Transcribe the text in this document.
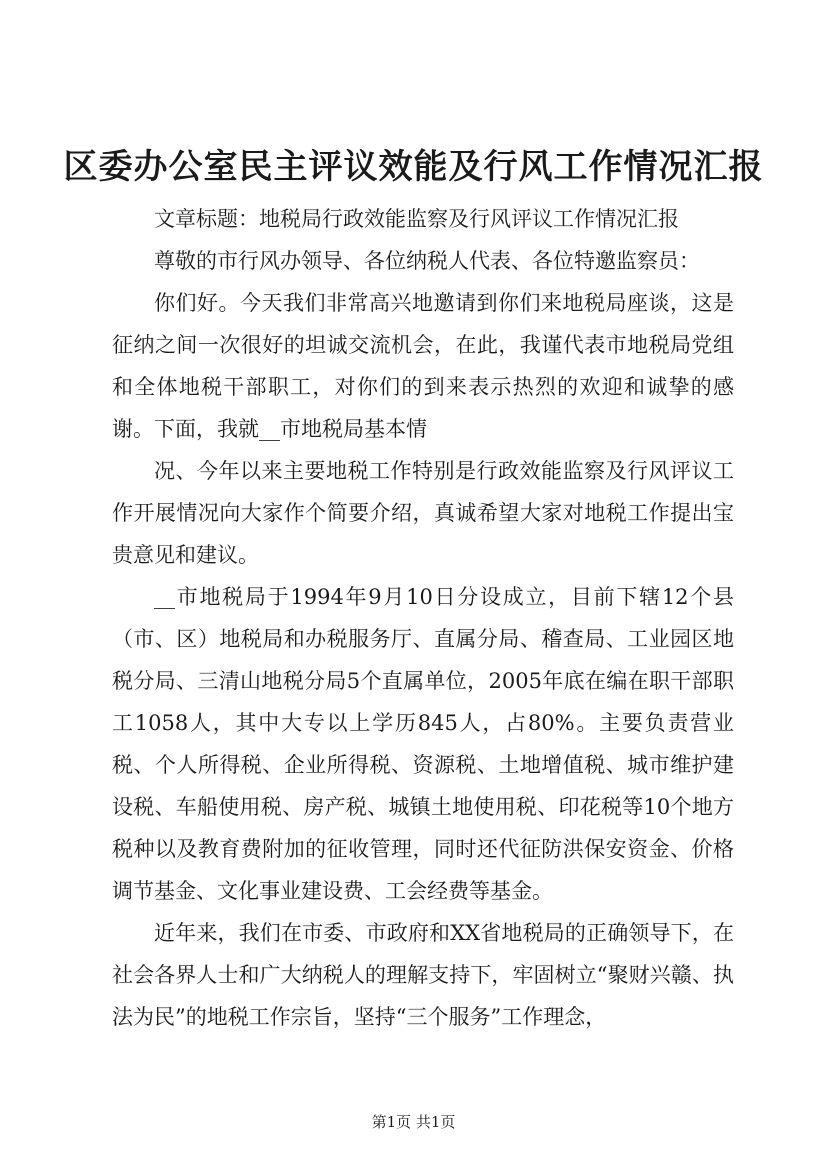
区委办公室民主评议效能及行风工作情况汇报

文章标题：地税局行政效能监察及行风评议工作情况汇报

尊敬的市行风办领导、各位纳税人代表、各位特邀监察员：

你们好。今天我们非常高兴地邀请到你们来地税局座谈，这是征纳之间一次很好的坦诚交流机会，在此，我谨代表市地税局党组和全体地税干部职工，对你们的到来表示热烈的欢迎和诚挚的感谢。下面，我就__市地税局基本情

况、今年以来主要地税工作特别是行政效能监察及行风评议工作开展情况向大家作个简要介绍，真诚希望大家对地税工作提出宝贵意见和建议。

__市地税局于1994年9月10日分设成立，目前下辖12个县（市、区）地税局和办税服务厅、直属分局、稽查局、工业园区地税分局、三清山地税分局5个直属单位，2005年底在编在职干部职工1058人，其中大专以上学历845人，占80%。主要负责营业税、个人所得税、企业所得税、资源税、土地增值税、城市维护建设税、车船使用税、房产税、城镇土地使用税、印花税等10个地方税种以及教育费附加的征收管理，同时还代征防洪保安资金、价格调节基金、文化事业建设费、工会经费等基金。

近年来，我们在市委、市政府和XX省地税局的正确领导下，在社会各界人士和广大纳税人的理解支持下，牢固树立“聚财兴赣、执法为民”的地税工作宗旨，坚持“三个服务”工作理念，

第1页 共1页
